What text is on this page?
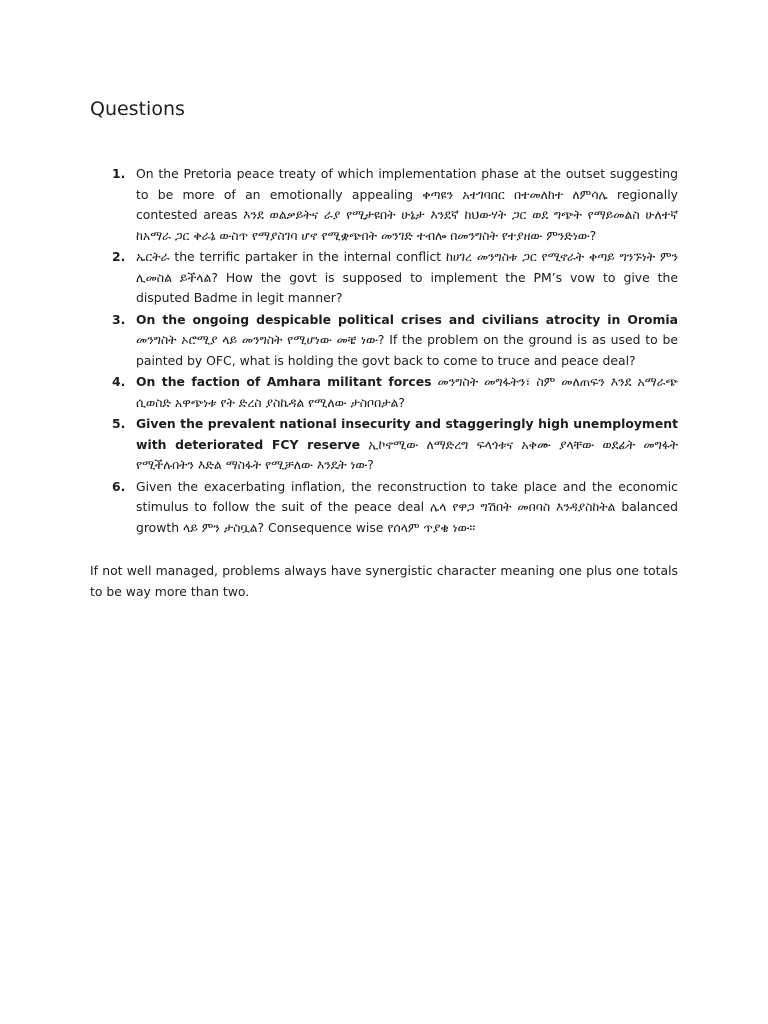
Questions
1. On the Pretoria peace treaty of which implementation phase at the outset suggesting to be more of an emotionally appealing ቀጣዩን አተገባበር በተመለከተ ለምሳሌ regionally contested areas እንደ ወልቃይትና ራያ የሚታዩበት ሁኔታ እንደኛ ከህውሃት ጋር ወደ ግጭት የማይመልስ ሁለተኛ ከአማራ ጋር ቅራኔ ውስጥ የማያስገባ ሆኖ የሚቋጭበት መንገድ ተብሎ በመንግስት የተያዘው ምንድነው?
2. ኤርትራ the terrific partaker in the internal conflict ከሀገረ መንግስቱ ጋር የሚኖራት ቀጣይ ግንኙነት ምን ሊመስል ይችላል? How the govt is supposed to implement the PM’s vow to give the disputed Badme in legit manner?
3. On the ongoing despicable political crises and civilians atrocity in Oromia መንግስት ኦሮሚያ ላይ መንግስት የሚሆነው መቼ ነው? If the problem on the ground is as used to be painted by OFC, what is holding the govt back to come to truce and peace deal?
4. On the faction of Amhara militant forces መንግስት መግፋትን፣ ስም መለጠፍን እንደ አማራጭ ሲወስድ አዋጭነቱ የት ድረስ ያስኬዳል የሚለው ታስቦበታል?
5. Given the prevalent national insecurity and staggeringly high unemployment with deteriorated FCY reserve ኢኮኖሚው ለማድረግ ፍላጎቱና አቅሙ ያላቸው ወደፊት መግፋት የሚችሉበትን እድል ማስፋት የሚቻለው እንዴት ነው?
6. Given the exacerbating inflation, the reconstruction to take place and the economic stimulus to follow the suit of the peace deal ሌላ የዋጋ ግሽበት መበባስ እንዳያስከትል balanced growth ላይ ምን ታስቧል? Consequence wise የሰላም ጥያቄ ነው፡፡

If not well managed, problems always have synergistic character meaning one plus one totals to be way more than two.
